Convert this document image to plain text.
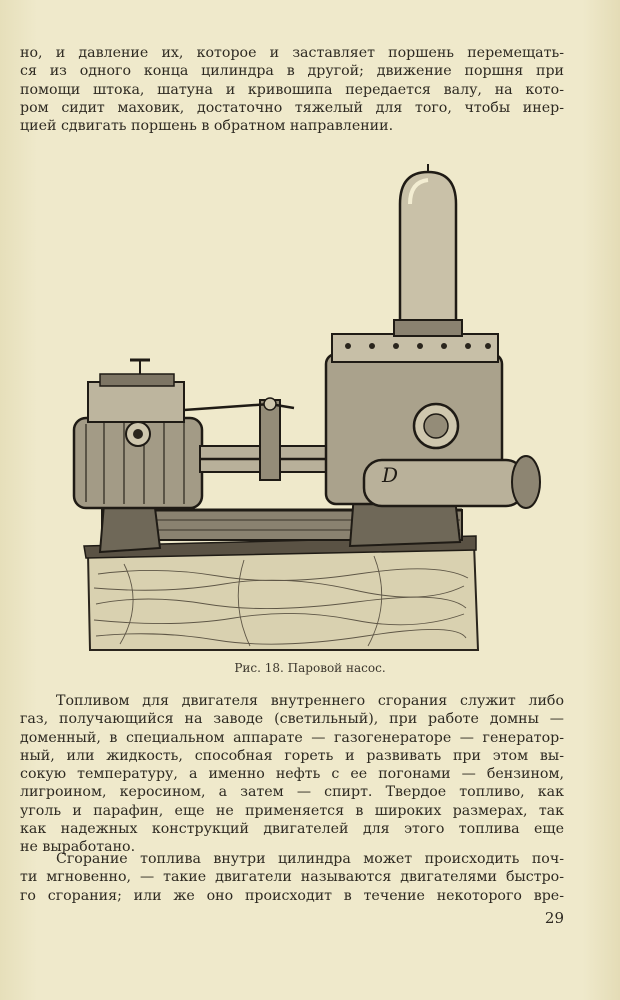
но, и давление их, которое и заставляет поршень перемещать-
ся из одного конца цилиндра в другой; движение поршня при
помощи штока, шатуна и кривошипа передается валу, на кото-
ром сидит маховик, достаточно тяжелый для того, чтобы инер-
цией сдвигать поршень в обратном направлении.

D
Рис. 18. Паровой насос.

Топливом для двигателя внутреннего сгорания служит либо
газ, получающийся на заводе (светильный), при работе домны —
доменный, в специальном аппарате — газогенераторе — генератор-
ный, или жидкость, способная гореть и развивать при этом вы-
сокую температуру, а именно нефть с ее погонами — бензином,
лигроином, керосином, а затем — спирт. Твердое топливо, как
уголь и парафин, еще не применяется в широких размерах, так
как надежных конструкций двигателей для этого топлива еще
не выработано.

Сгорание топлива внутри цилиндра может происходить поч-
ти мгновенно, — такие двигатели называются двигателями быстро-
го сгорания; или же оно происходит в течение некоторого вре-

29
